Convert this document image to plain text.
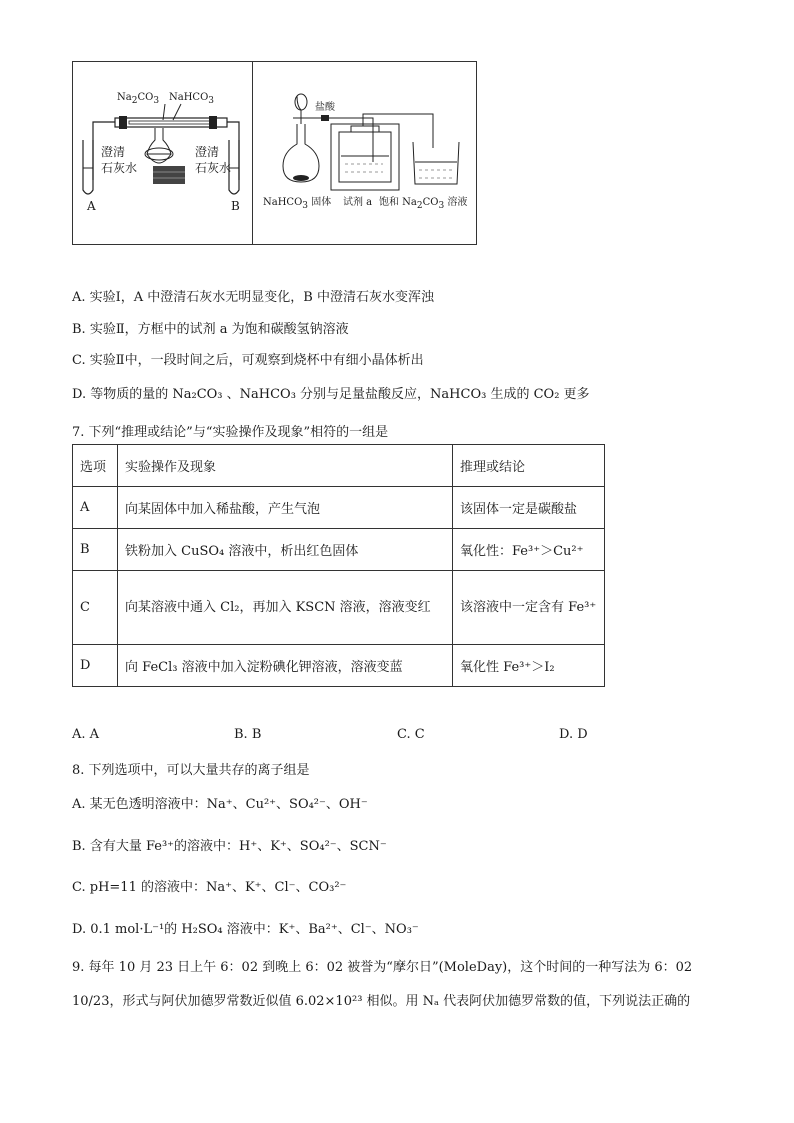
$Na_2CO_3$ NaHCO$_3$
澄清
石灰水
澄清
石灰水
A	B
盐酸
NaHCO$_3$ 固体 试剂 a 饱和 $Na_2CO_3$ 溶液
A. 实验Ⅰ，A 中澄清石灰水无明显变化，B 中澄清石灰水变浑浊
B. 实验Ⅱ，方框中的试剂 a 为饱和碳酸氢钠溶液
C. 实验Ⅱ中，一段时间之后，可观察到烧杯中有细小晶体析出
D. 等物质的量的 Na₂CO₃ 、NaHCO₃ 分别与足量盐酸反应，NaHCO₃ 生成的 CO₂ 更多
7. 下列“推理或结论”与“实验操作及现象”相符的一组是
选项	实验操作及现象	推理或结论
A	向某固体中加入稀盐酸，产生气泡	该固体一定是碳酸盐
B	铁粉加入 CuSO₄ 溶液中，析出红色固体	氧化性：Fe³⁺＞Cu²⁺
C	向某溶液中通入 Cl₂，再加入 KSCN 溶液，溶液变红	该溶液中一定含有 Fe³⁺
D	向 FeCl₃ 溶液中加入淀粉碘化钾溶液，溶液变蓝	氧化性 Fe³⁺＞I₂
A. A	B. B	C. C	D. D
8. 下列选项中，可以大量共存的离子组是
A. 某无色透明溶液中：Na⁺、Cu²⁺、SO₄²⁻、OH⁻
B. 含有大量 Fe³⁺的溶液中：H⁺、K⁺、SO₄²⁻、SCN⁻
C. pH=11 的溶液中：Na⁺、K⁺、Cl⁻、CO₃²⁻
D. 0.1 mol·L⁻¹的 H₂SO₄ 溶液中：K⁺、Ba²⁺、Cl⁻、NO₃⁻
9. 每年 10 月 23 日上午 6：02 到晚上 6：02 被誉为“摩尔日”(MoleDay)，这个时间的一种写法为 6：02
10/23，形式与阿伏加德罗常数近似值 6.02×10²³ 相似。用 Nₐ 代表阿伏加德罗常数的值，下列说法正确的
